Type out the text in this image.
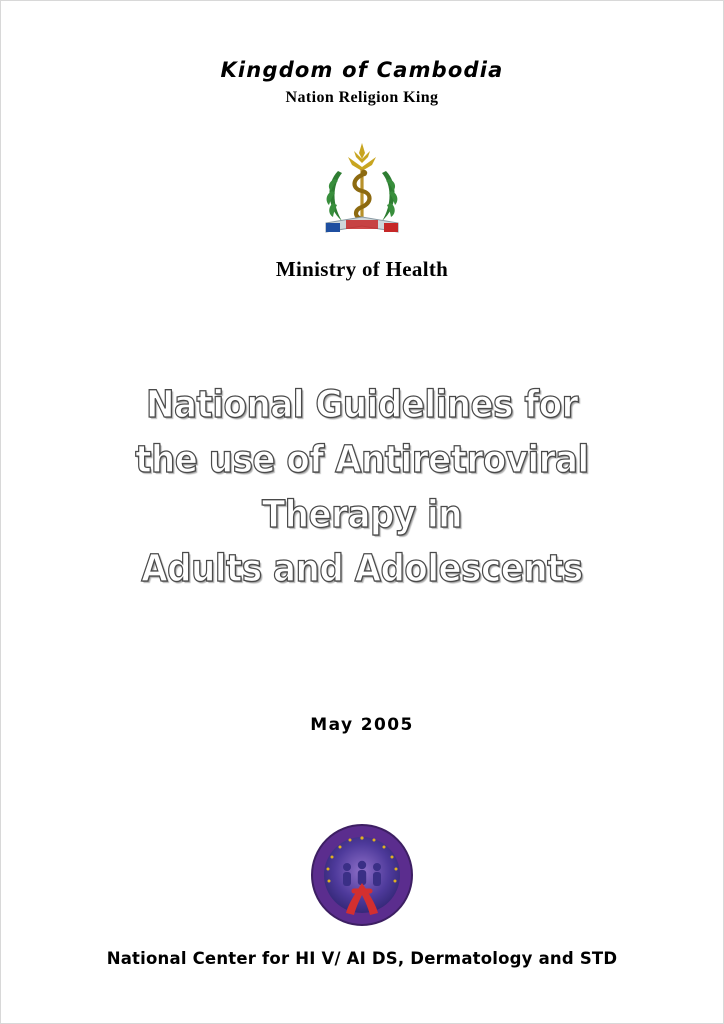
Kingdom of Cambodia
Nation Religion King
Ministry of Health
National Guidelines for
the use of Antiretroviral Therapy in
Adults and Adolescents
May 2005
National Center for HI V/ AI DS, Dermatology and STD
